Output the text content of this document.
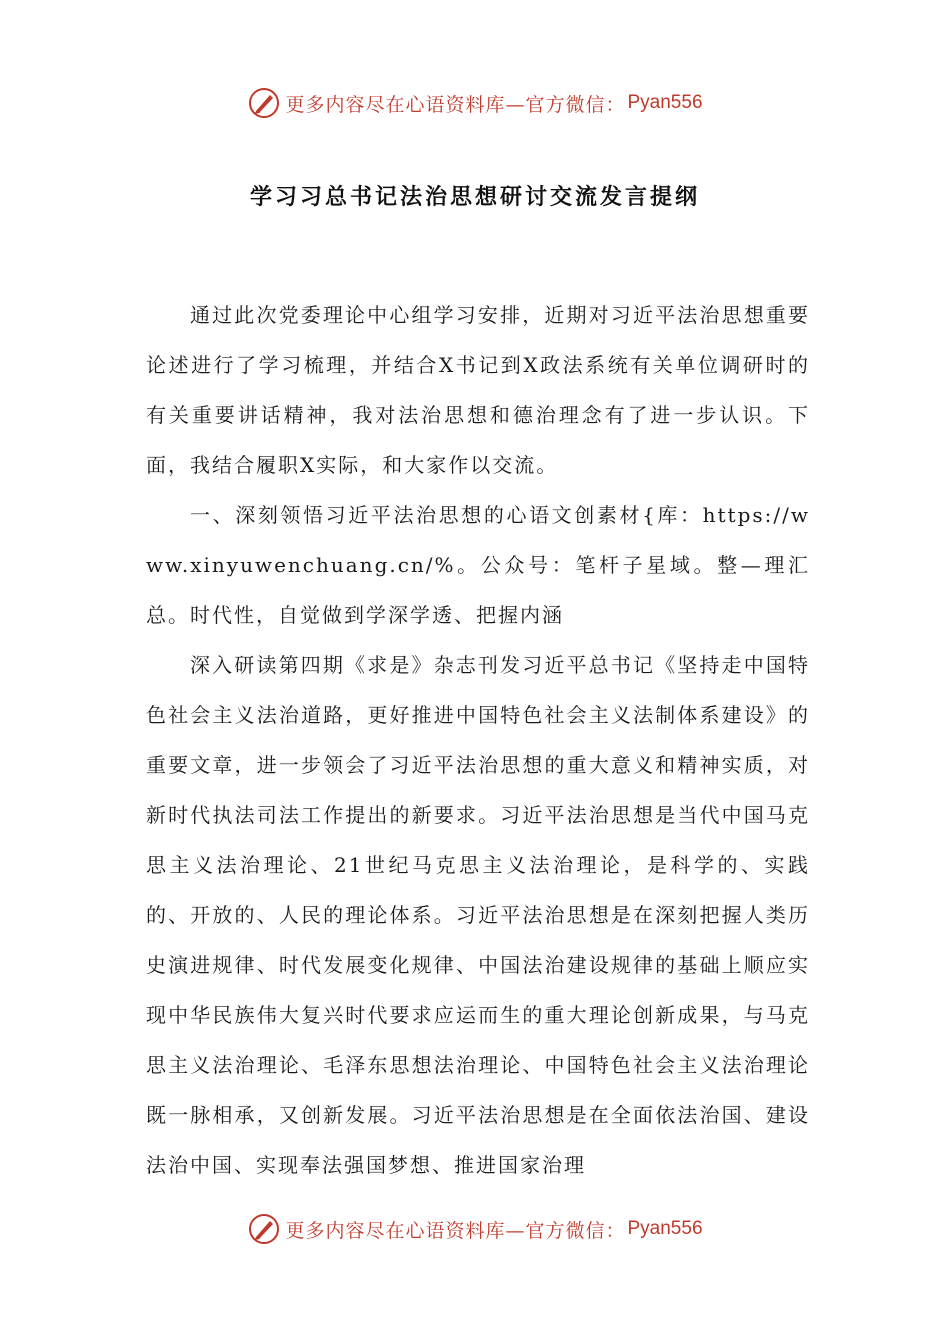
更多内容尽在心语资料库—官方微信： Pyan556
学习习总书记法治思想研讨交流发言提纲

通过此次党委理论中心组学习安排，近期对习近平法治思想重要论述进行了学习梳理，并结合X书记到X政法系统有关单位调研时的有关重要讲话精神，我对法治思想和德治理念有了进一步认识。下面，我结合履职X实际，和大家作以交流。

一、深刻领悟习近平法治思想的心语文创素材{库：https://www.xinyuwenchuang.cn/%。公众号：笔杆子星域。整—理汇总。时代性，自觉做到学深学透、把握内涵

深入研读第四期《求是》杂志刊发习近平总书记《坚持走中国特色社会主义法治道路，更好推进中国特色社会主义法制体系建设》的重要文章，进一步领会了习近平法治思想的重大意义和精神实质，对新时代执法司法工作提出的新要求。习近平法治思想是当代中国马克思主义法治理论、21世纪马克思主义法治理论，是科学的、实践的、开放的、人民的理论体系。习近平法治思想是在深刻把握人类历史演进规律、时代发展变化规律、中国法治建设规律的基础上顺应实现中华民族伟大复兴时代要求应运而生的重大理论创新成果，与马克思主义法治理论、毛泽东思想法治理论、中国特色社会主义法治理论既一脉相承，又创新发展。习近平法治思想是在全面依法治国、建设法治中国、实现奉法强国梦想、推进国家治理

更多内容尽在心语资料库—官方微信： Pyan556
